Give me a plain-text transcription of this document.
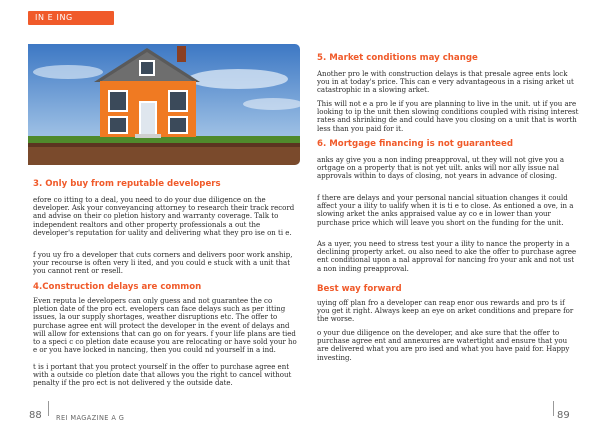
IN E ING
3. Only buy from reputable developers
efore co itting to a deal, you need to do your due diligence on the developer. Ask your conveyancing attorney to research their track record and advise on their co pletion history and warranty coverage. Talk to independent realtors and other property professionals a out the developer's reputation for uality and delivering what they pro ise on ti e.
f you uy fro a developer that cuts corners and delivers poor work anship, your recourse is often very li ited, and you could e stuck with a unit that you cannot rent or resell.
4.Construction delays are common
Even reputa le developers can only guess and not guarantee the co pletion date of the pro ect. evelopers can face delays such as per itting issues, la our supply shortages, weather disruptions etc. The offer to purchase agree ent will protect the developer in the event of delays and will allow for extensions that can go on for years. f your life plans are tied to a speci c co pletion date ecause you are relocating or have sold your ho e or you have locked in nancing, then you could nd yourself in a ind.
t is i portant that you protect yourself in the offer to purchase agree ent with a outside co pletion date that allows you the right to cancel without penalty if the pro ect is not delivered y the outside date.
5. Market conditions may change
Another pro le with construction delays is that presale agree ents lock you in at today's price. This can e very advantageous in a rising arket ut catastrophic in a slowing arket.
This will not e a pro le if you are planning to live in the unit. ut if you are looking to ip the unit then slowing conditions coupled with rising interest rates and shrinking de and could have you closing on a unit that is worth less than you paid for it.
6. Mortgage financing is not guaranteed
anks ay give you a non inding preapproval, ut they will not give you a ortgage on a property that is not yet uilt. anks will nor ally issue nal approvals within to days of closing, not years in advance of closing.
f there are delays and your personal nancial situation changes it could affect your a ility to ualify when it is ti e to close. As entioned a ove, in a slowing arket the anks appraised value ay co e in lower than your purchase price which will leave you short on the funding for the unit.
As a uyer, you need to stress test your a ility to nance the property in a declining property arket. ou also need to ake the offer to purchase agree ent conditional upon a nal approval for nancing fro your ank and not ust a non inding preapproval.
Best way forward
uying off plan fro a developer can reap enor ous rewards and pro ts if you get it right. Always keep an eye on arket conditions and prepare for the worse.
o your due diligence on the developer, and ake sure that the offer to purchase agree ent and annexures are watertight and ensure that you are delivered what you are pro ised and what you have paid for. Happy investing.
88 REI MAGAZINE A G	89
